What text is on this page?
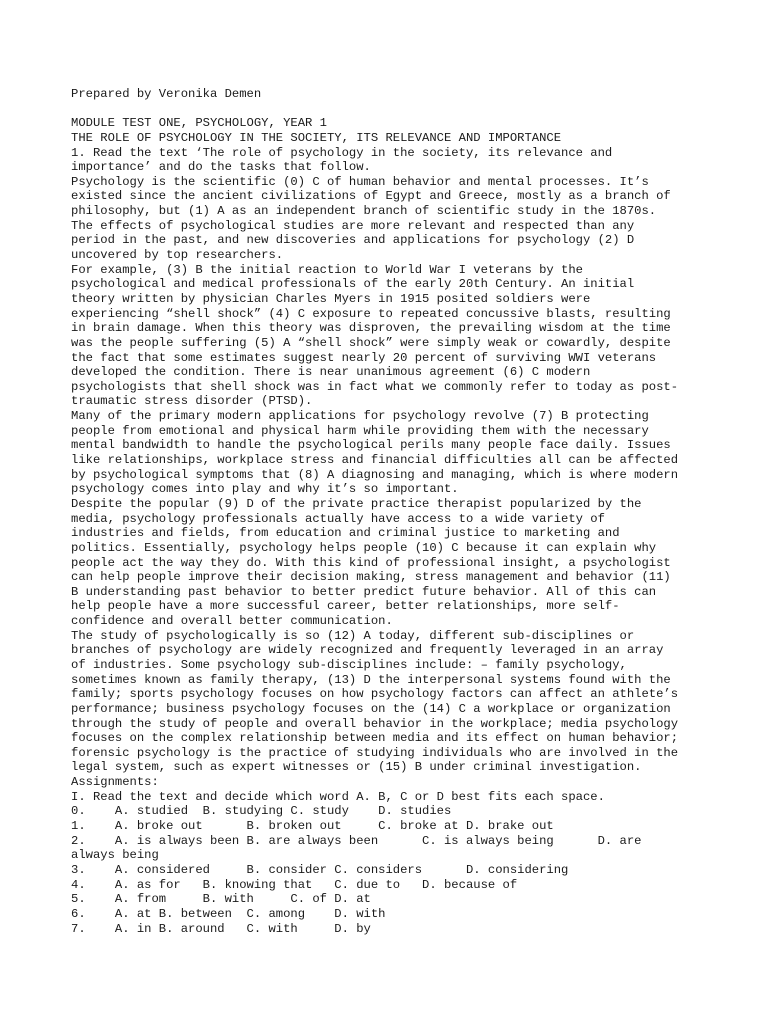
Prepared by Veronika Demen
MODULE TEST ONE, PSYCHOLOGY, YEAR 1
THE ROLE OF PSYCHOLOGY IN THE SOCIETY, ITS RELEVANCE AND IMPORTANCE
1. Read the text ‘The role of psychology in the society, its relevance and
importance’ and do the tasks that follow.
Psychology is the scientific (0) C of human behavior and mental processes. It’s
existed since the ancient civilizations of Egypt and Greece, mostly as a branch of
philosophy, but (1) A as an independent branch of scientific study in the 1870s.
The effects of psychological studies are more relevant and respected than any
period in the past, and new discoveries and applications for psychology (2) D
uncovered by top researchers.
For example, (3) B the initial reaction to World War I veterans by the
psychological and medical professionals of the early 20th Century. An initial
theory written by physician Charles Myers in 1915 posited soldiers were
experiencing “shell shock” (4) C exposure to repeated concussive blasts, resulting
in brain damage. When this theory was disproven, the prevailing wisdom at the time
was the people suffering (5) A “shell shock” were simply weak or cowardly, despite
the fact that some estimates suggest nearly 20 percent of surviving WWI veterans
developed the condition. There is near unanimous agreement (6) C modern
psychologists that shell shock was in fact what we commonly refer to today as post-
traumatic stress disorder (PTSD).
Many of the primary modern applications for psychology revolve (7) B protecting
people from emotional and physical harm while providing them with the necessary
mental bandwidth to handle the psychological perils many people face daily. Issues
like relationships, workplace stress and financial difficulties all can be affected
by psychological symptoms that (8) A diagnosing and managing, which is where modern
psychology comes into play and why it’s so important.
Despite the popular (9) D of the private practice therapist popularized by the
media, psychology professionals actually have access to a wide variety of
industries and fields, from education and criminal justice to marketing and
politics. Essentially, psychology helps people (10) C because it can explain why
people act the way they do. With this kind of professional insight, a psychologist
can help people improve their decision making, stress management and behavior (11)
B understanding past behavior to better predict future behavior. All of this can
help people have a more successful career, better relationships, more self-
confidence and overall better communication.
The study of psychologically is so (12) A today, different sub-disciplines or
branches of psychology are widely recognized and frequently leveraged in an array
of industries. Some psychology sub-disciplines include: – family psychology,
sometimes known as family therapy, (13) D the interpersonal systems found with the
family; sports psychology focuses on how psychology factors can affect an athlete’s
performance; business psychology focuses on the (14) C a workplace or organization
through the study of people and overall behavior in the workplace; media psychology
focuses on the complex relationship between media and its effect on human behavior;
forensic psychology is the practice of studying individuals who are involved in the
legal system, such as expert witnesses or (15) B under criminal investigation.
Assignments:
I. Read the text and decide which word A. B, C or D best fits each space.
0.    A. studied  B. studying C. study    D. studies
1.    A. broke out      B. broken out     C. broke at D. brake out
2.    A. is always been B. are always been      C. is always being      D. are
always being
3.    A. considered     B. consider C. considers      D. considering
4.    A. as for   B. knowing that   C. due to   D. because of
5.    A. from     B. with     C. of D. at
6.    A. at B. between  C. among    D. with
7.    A. in B. around   C. with     D. by
